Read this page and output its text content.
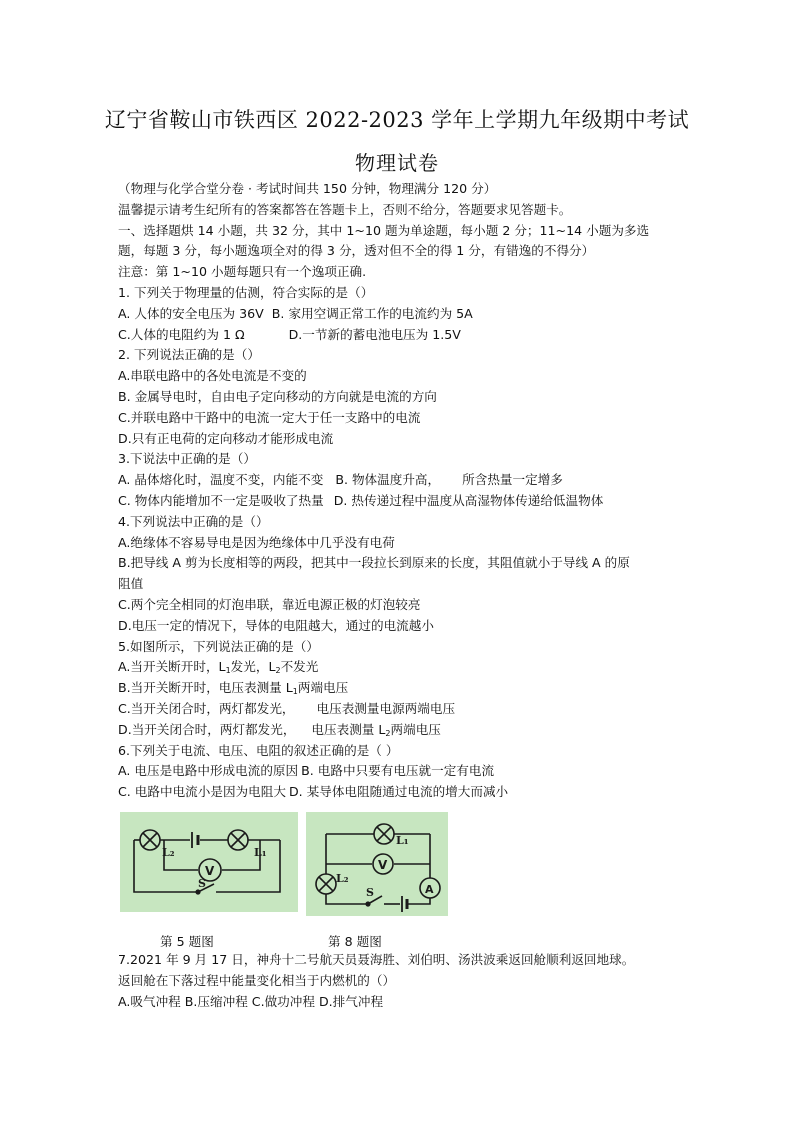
辽宁省鞍山市铁西区 2022-2023 学年上学期九年级期中考试
物理试卷
（物理与化学合堂分卷 · 考试时间共 150 分钟，物理满分 120 分）
温馨提示请考生纪所有的答案都答在答题卡上，否则不给分，答题要求见答题卡。
一、选择題烘 14 小题，共 32 分，其中 1~10 题为单途题，每小题 2 分；11~14 小题为多选
题，每题 3 分，每小题逸项全对的得 3 分，透对但不全的得 1 分，有错逸的不得分）
注意：第 1~10 小题每题只有一个逸项正确.
1. 下列关于物理量的估测，符合实际的是（）
A. 人体的安全电压为 36V B. 家用空调正常工作的电流约为 5A
C.人体的电阻约为 1 Ω	D.一节新的蓄电池电压为 1.5V
2. 下列说法正确的是（）
A.串联电路中的各处电流是不变的
B. 金属导电时，自由电子定向移动的方向就是电流的方向
C.并联电路中干路中的电流一定大于任一支路中的电流
D.只有正电荷的定向移动才能形成电流
3.下说法中正确的是（）
A. 晶体熔化时，温度不变，内能不变 B. 物体温度升高， 所含热量一定增多
C. 物体内能增加不一定是吸收了热量 D. 热传递过程中温度从高湿物体传递给低温物体
4.下列说法中正确的是（）
A.绝缘体不容易导电是因为绝缘体中几乎没有电荷
B.把导线 A 剪为长度相等的两段，把其中一段拉长到原来的长度，其阻值就小于导线 A 的原
阻值
C.两个完全相同的灯泡串联，靠近电源正极的灯泡较亮
D.电压一定的情况下，导体的电阻越大，通过的电流越小
5.如图所示，下列说法正确的是（）
A.当开关断开时，$L_1$发光，$L_2$不发光
B.当开关断开时，电压表测量 $L_1$两端电压
C.当开关闭合时，两灯都发光， 电压表测量电源两端电压
D.当开关闭合时，两灯都发光， 电压表测量 $L_2$两端电压
6.下列关于电流、电压、电阻的叙述正确的是（ ）
A. 电压是电路中形成电流的原因 B. 电路中只要有电压就一定有电流
C. 电路中电流小是因为电阻大 D. 某导体电阻随通过电流的增大而减小
L₂	L₁
V
S
L₁
V
L₂
A
S
第 5 题图	第 8 题图
7.2021 年 9 月 17 日，神舟十二号航天员聂海胜、刘伯明、汤洪波乘返回舱顺利返回地球。
返回舱在下落过程中能量变化相当于内燃机的（）
A.吸气冲程 B.压缩冲程 C.做功冲程 D.排气冲程
